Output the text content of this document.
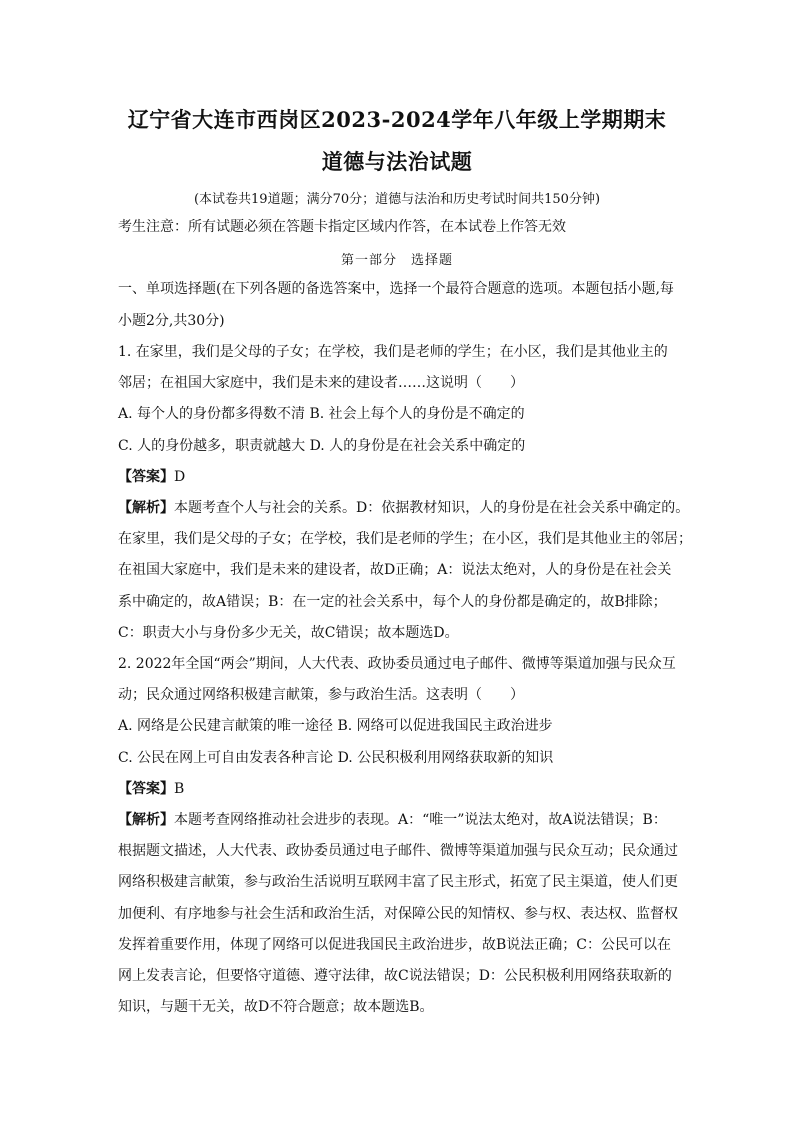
辽宁省大连市西岗区2023-2024学年八年级上学期期末
道德与法治试题
(本试卷共19道题；满分70分；道德与法治和历史考试时间共150分钟)
考生注意：所有试题必须在答题卡指定区域内作答，在本试卷上作答无效
第一部分 选择题
一、单项选择题(在下列各题的备选答案中，选择一个最符合题意的选项。本题包括小题,每
小题2分,共30分)
1. 在家里，我们是父母的子女；在学校，我们是老师的学生；在小区，我们是其他业主的
邻居；在祖国大家庭中，我们是未来的建设者……这说明（　　）
A. 每个人的身份都多得数不清 B. 社会上每个人的身份是不确定的
C. 人的身份越多，职责就越大 D. 人的身份是在社会关系中确定的
【答案】D
【解析】本题考查个人与社会的关系。D：依据教材知识，人的身份是在社会关系中确定的。
在家里，我们是父母的子女；在学校，我们是老师的学生；在小区，我们是其他业主的邻居；
在祖国大家庭中，我们是未来的建设者，故D正确；A：说法太绝对，人的身份是在社会关
系中确定的，故A错误；B：在一定的社会关系中，每个人的身份都是确定的，故B排除；
C：职责大小与身份多少无关，故C错误；故本题选D。
2. 2022年全国“两会”期间，人大代表、政协委员通过电子邮件、微博等渠道加强与民众互
动；民众通过网络积极建言献策，参与政治生活。这表明（　　）
A. 网络是公民建言献策的唯一途径 B. 网络可以促进我国民主政治进步
C. 公民在网上可自由发表各种言论 D. 公民积极利用网络获取新的知识
【答案】B
【解析】本题考查网络推动社会进步的表现。A：“唯一”说法太绝对，故A说法错误；B：
根据题文描述，人大代表、政协委员通过电子邮件、微博等渠道加强与民众互动；民众通过
网络积极建言献策，参与政治生活说明互联网丰富了民主形式，拓宽了民主渠道，使人们更
加便利、有序地参与社会生活和政治生活，对保障公民的知情权、参与权、表达权、监督权
发挥着重要作用，体现了网络可以促进我国民主政治进步，故B说法正确；C：公民可以在
网上发表言论，但要恪守道德、遵守法律，故C说法错误；D：公民积极利用网络获取新的
知识，与题干无关，故D不符合题意；故本题选B。
